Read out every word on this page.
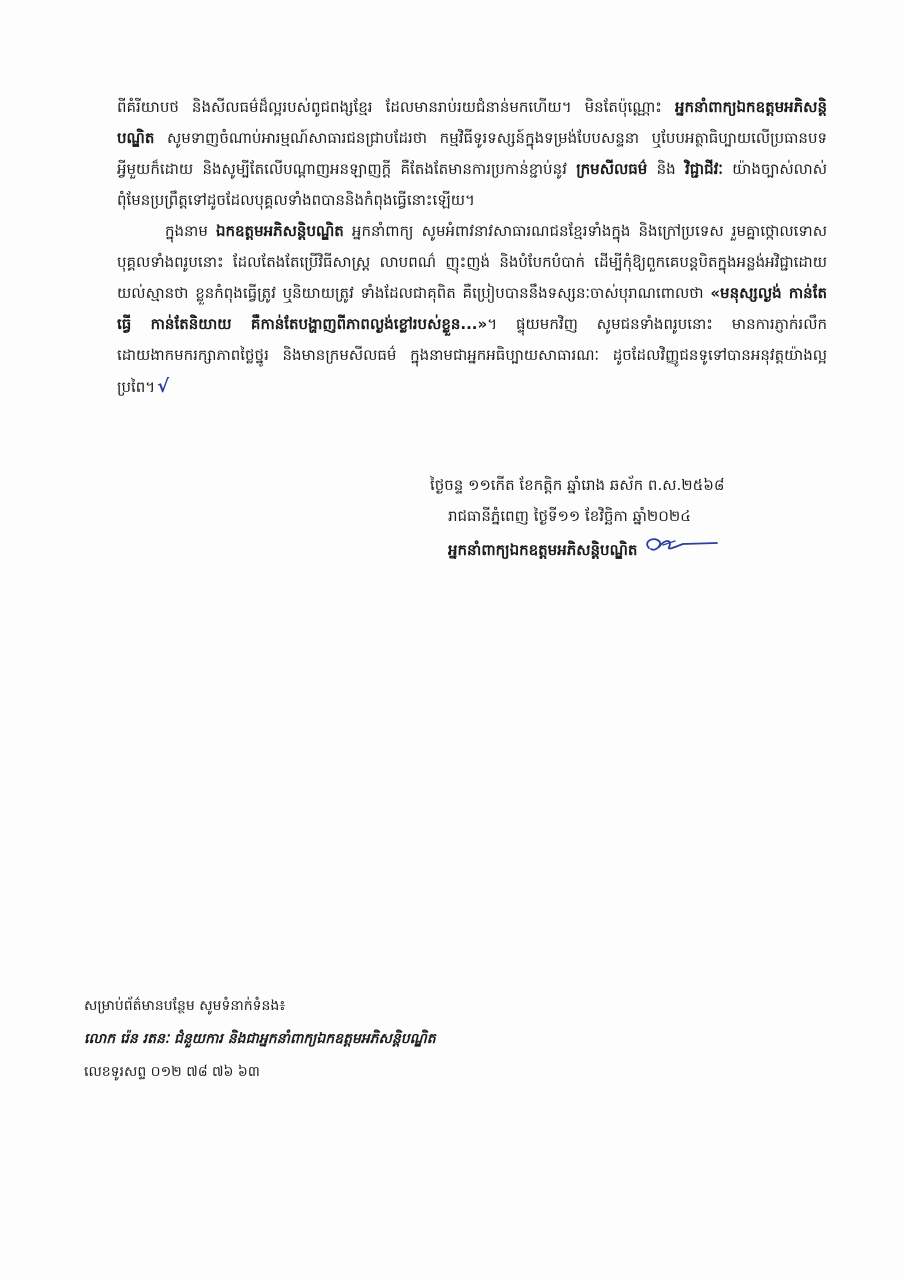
ពីគំរីយាបថ និងសីលធម៌ដ៏ល្អរបស់ពូជពង្សខ្មែរ ដែលមានរាប់រយជំនាន់មកហើយ។ មិនតែប៉ុណ្ណោះ អ្នកនាំពាក្យឯកឧត្តមអភិសន្តិបណ្ឌិត សូមទាញចំណាប់អារម្មណ៍សាធារជនជ្រាបដែរថា កម្មវិធីទូរទស្សន៍ក្នុងទម្រង់បែបសន្ទនា ឬបែបអត្ថាធិប្បាយលើប្រធានបទអ្វីមួយក៏ដោយ និងសូម្បីតែលើបណ្ដាញអនឡាញក្ដី គឺតែងតែមានការប្រកាន់ខ្ជាប់នូវ ក្រមសីលធម៌ និង វិជ្ជាជីវៈ យ៉ាងច្បាស់លាស់ ពុំមែនប្រព្រឹត្តទៅដូចដែលបុគ្គលទាំងពបាននិងកំពុងធ្វើនោះឡើយ។

ក្នុងនាម ឯកឧត្តមអភិសន្តិបណ្ឌិត អ្នកនាំពាក្យ សូមអំពាវនាវសាធារណជនខ្មែរទាំងក្នុង និងក្រៅប្រទេស រួមគ្នាថ្កោលទោសបុគ្គលទាំងពរូបនោះ ដែលតែងតែប្រើវិធីសាស្ត្រ លាបពណ៌ ញុះញង់ និងបំបែកបំបាក់ ដើម្បីកុំឱ្យពួកគេបន្តបិតក្នុងអន្លង់អវិជ្ជាដោយយល់ស្មានថា ខ្លួនកំពុងធ្វើត្រូវ ឬនិយាយត្រូវ ទាំងដែលជាគុពិត គឺប្រៀបបាននឹងទស្សនៈចាស់បុរាណពោលថា «មនុស្សល្ងង់ កាន់តែធ្វើ កាន់តែនិយាយ គឺកាន់តែបង្ហាញពីភាពល្ងង់ខ្លៅរបស់ខ្លួន...»។ ផ្ទុយមកវិញ សូមជនទាំងពរូបនោះ មានការភ្ញាក់រលឹក ដោយងាកមករក្សាភាពថ្លៃថ្នូរ និងមានក្រមសីលធម៌ ក្នុងនាមជាអ្នកអធិប្បាយសាធារណៈ ដូចដែលវិញ្ញូជនទូទៅបានអនុវត្តយ៉ាងល្អប្រពៃ។ √

ថ្ងៃចន្ទ ១១កើត ខែកត្តិក ឆ្នាំរោង ឆស័ក ព.ស.២៥៦៨
រាជធានីភ្នំពេញ ថ្ងៃទី១១ ខែវិច្ឆិកា ឆ្នាំ២០២៤
អ្នកនាំពាក្យឯកឧត្តមអភិសន្តិបណ្ឌិត
សម្រាប់ព័ត៌មានបន្ថែម សូមទំនាក់ទំនង៖
លោក រ៉េន រតនៈ ជំនួយការ និងជាអ្នកនាំពាក្យឯកឧត្តមអភិសន្តិបណ្ឌិត
លេខទូរសព្ទ ០១២ ៧៨ ៧៦ ៦៣
